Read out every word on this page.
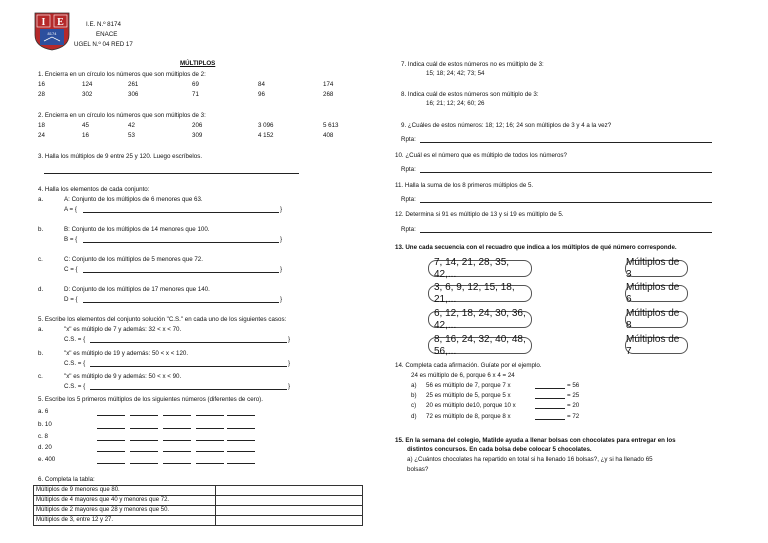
I E
8174
I.E. N.º 8174
ENACE
UGEL N.º 04 RED 17
MÚLTIPLOS
1. Encierra en un círculo los números que son múltiplos de 2:
2. Encierra en un círculo los números que son múltiplos de 3:
3. Halla los múltiplos de 9 entre 25 y 120. Luego escríbelos.
4. Halla los elementos de cada conjunto:
5. Escribe los elementos del conjunto solución "C.S." en cada uno de los siguientes casos:
5. Escribe los 5 primeros múltiplos de los siguientes números (diferentes de cero).
6. Completa la tabla:
Múltiplos de 9 menores que 80.	
Múltiplos de 4 mayores que 40 y menores que 72.	
Múltiplos de 2 mayores que 28 y menores que 50.	
Múltiplos de 3, entre 12 y 27.	
7. Indica cuál de estos números no es múltiplo de 3:
15; 18; 24; 42; 73; 54
8. Indica cuál de estos números son múltiplo de 3:
16; 21; 12; 24; 60; 26
9. ¿Cuáles de estos números: 18; 12; 16; 24 son múltiplos de 3 y 4 a la vez?
Rpta:
10. ¿Cuál es el número que es múltiplo de todos los números?
Rpta:
11. Halla la suma de los 8 primeros múltiplos de 5.
Rpta:
12. Determina si 91 es múltiplo de 13 y si 19 es múltiplo de 5.
Rpta:
13. Une cada secuencia con el recuadro que indica a los múltiplos de qué número corresponde.
14. Completa cada afirmación. Guíate por el ejemplo.
24 es múltiplo de 6, porque 6 x 4 = 24
15. En la semana del colegio, Matilde ayuda a llenar bolsas con chocolates para entregar en los
distintos concursos. En cada bolsa debe colocar 5 chocolates.
a) ¿Cuántos chocolates ha repartido en total si ha llenado 16 bolsas?, ¿y si ha llenado 65
bolsas?
16	124	261	69	84	174
28	302	306	71	96	268
18	45	42	206	3 096	5 613
24	16	53	309	4 152	408
a.	A: Conjunto de los múltiplos de 6 menores que 63.
A = {	}
b.	B: Conjunto de los múltiplos de 14 menores que 100.
B = {	}
c.	C: Conjunto de los múltiplos de 5 menores que 72.
C = {	}
d.	D: Conjunto de los múltiplos de 17 menores que 140.
D = {	}
a.	"x" es múltiplo de 7 y además: 32 < x < 70.
C.S. = {	}
b.	"x" es múltiplo de 19 y además: 50 < x < 120.
C.S. = {	}
c.	"x" es múltiplo de 9 y además: 50 < x < 90.
C.S. = {	}
a. 6
b. 10
c. 8
d. 20
e. 400
7, 14, 21, 28, 35, 42,...
Múltiplos de 3
3, 6, 9, 12, 15, 18, 21,...
Múltiplos de 6
6, 12, 18, 24, 30, 36, 42,...
Múltiplos de 8
8, 16, 24, 32, 40, 48, 56,...
Múltiplos de 7
a) 56 es múltiplo de 7, porque 7 x	= 56
b) 25 es múltiplo de 5, porque 5 x	= 25
c) 20 es múltiplo de10, porque 10 x	= 20
d) 72 es múltiplo de 8, porque 8 x	= 72
